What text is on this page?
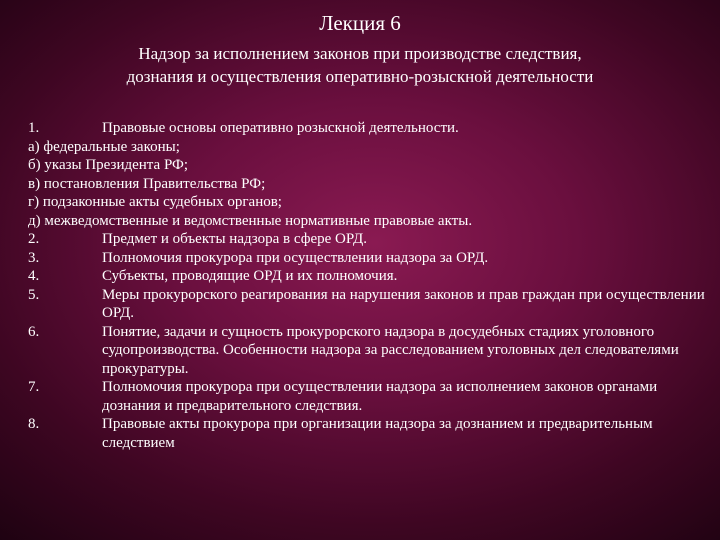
Лекция 6
Надзор за исполнением законов при производстве следствия,
дознания и осуществления оперативно-розыскной деятельности
1.	Правовые основы оперативно розыскной деятельности.
а) федеральные законы;
б) указы Президента РФ;
в) постановления Правительства РФ;
г) подзаконные акты судебных органов;
д) межведомственные и ведомственные нормативные правовые акты.
2.	Предмет и объекты надзора в сфере ОРД.
3.	Полномочия прокурора при осуществлении надзора за ОРД.
4.	Субъекты, проводящие ОРД и их полномочия.
5.	Меры прокурорского реагирования на нарушения законов и прав граждан при осуществлении ОРД.
6.	Понятие, задачи и сущность прокурорского надзора в досудебных стадиях уголовного судопроизводства. Особенности надзора за расследованием уголовных дел следователями прокуратуры.
7.	Полномочия прокурора при осуществлении надзора за исполнением законов органами дознания и предварительного следствия.
8.	Правовые акты прокурора при организации надзора за дознанием и предварительным следствием
